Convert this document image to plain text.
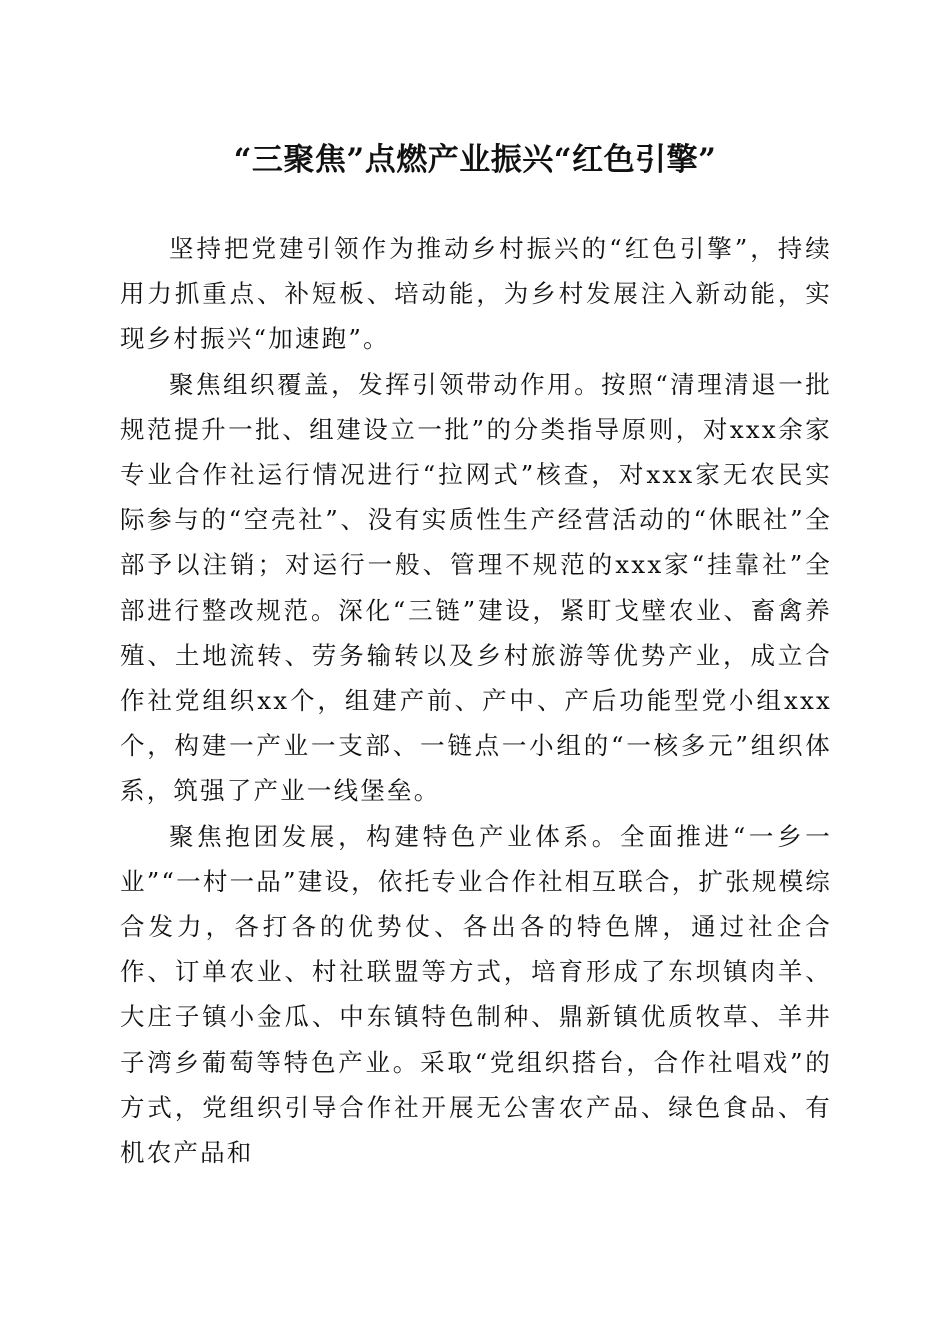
“三聚焦”点燃产业振兴“红色引擎”

坚持把党建引领作为推动乡村振兴的“红色引擎”，持续用力抓重点、补短板、培动能，为乡村发展注入新动能，实现乡村振兴“加速跑”。

聚焦组织覆盖，发挥引领带动作用。按照“清理清退一批规范提升一批、组建设立一批”的分类指导原则，对xxx余家专业合作社运行情况进行“拉网式”核查，对xxx家无农民实际参与的“空壳社”、没有实质性生产经营活动的“休眠社”全部予以注销；对运行一般、管理不规范的xxx家“挂靠社”全部进行整改规范。深化“三链”建设，紧盯戈壁农业、畜禽养殖、土地流转、劳务输转以及乡村旅游等优势产业，成立合作社党组织xx个，组建产前、产中、产后功能型党小组xxx个，构建一产业一支部、一链点一小组的“一核多元”组织体系，筑强了产业一线堡垒。

聚焦抱团发展，构建特色产业体系。全面推进“一乡一业”“一村一品”建设，依托专业合作社相互联合，扩张规模综合发力，各打各的优势仗、各出各的特色牌，通过社企合作、订单农业、村社联盟等方式，培育形成了东坝镇肉羊、大庄子镇小金瓜、中东镇特色制种、鼎新镇优质牧草、羊井子湾乡葡萄等特色产业。采取“党组织搭台，合作社唱戏”的方式，党组织引导合作社开展无公害农产品、绿色食品、有机农产品和
